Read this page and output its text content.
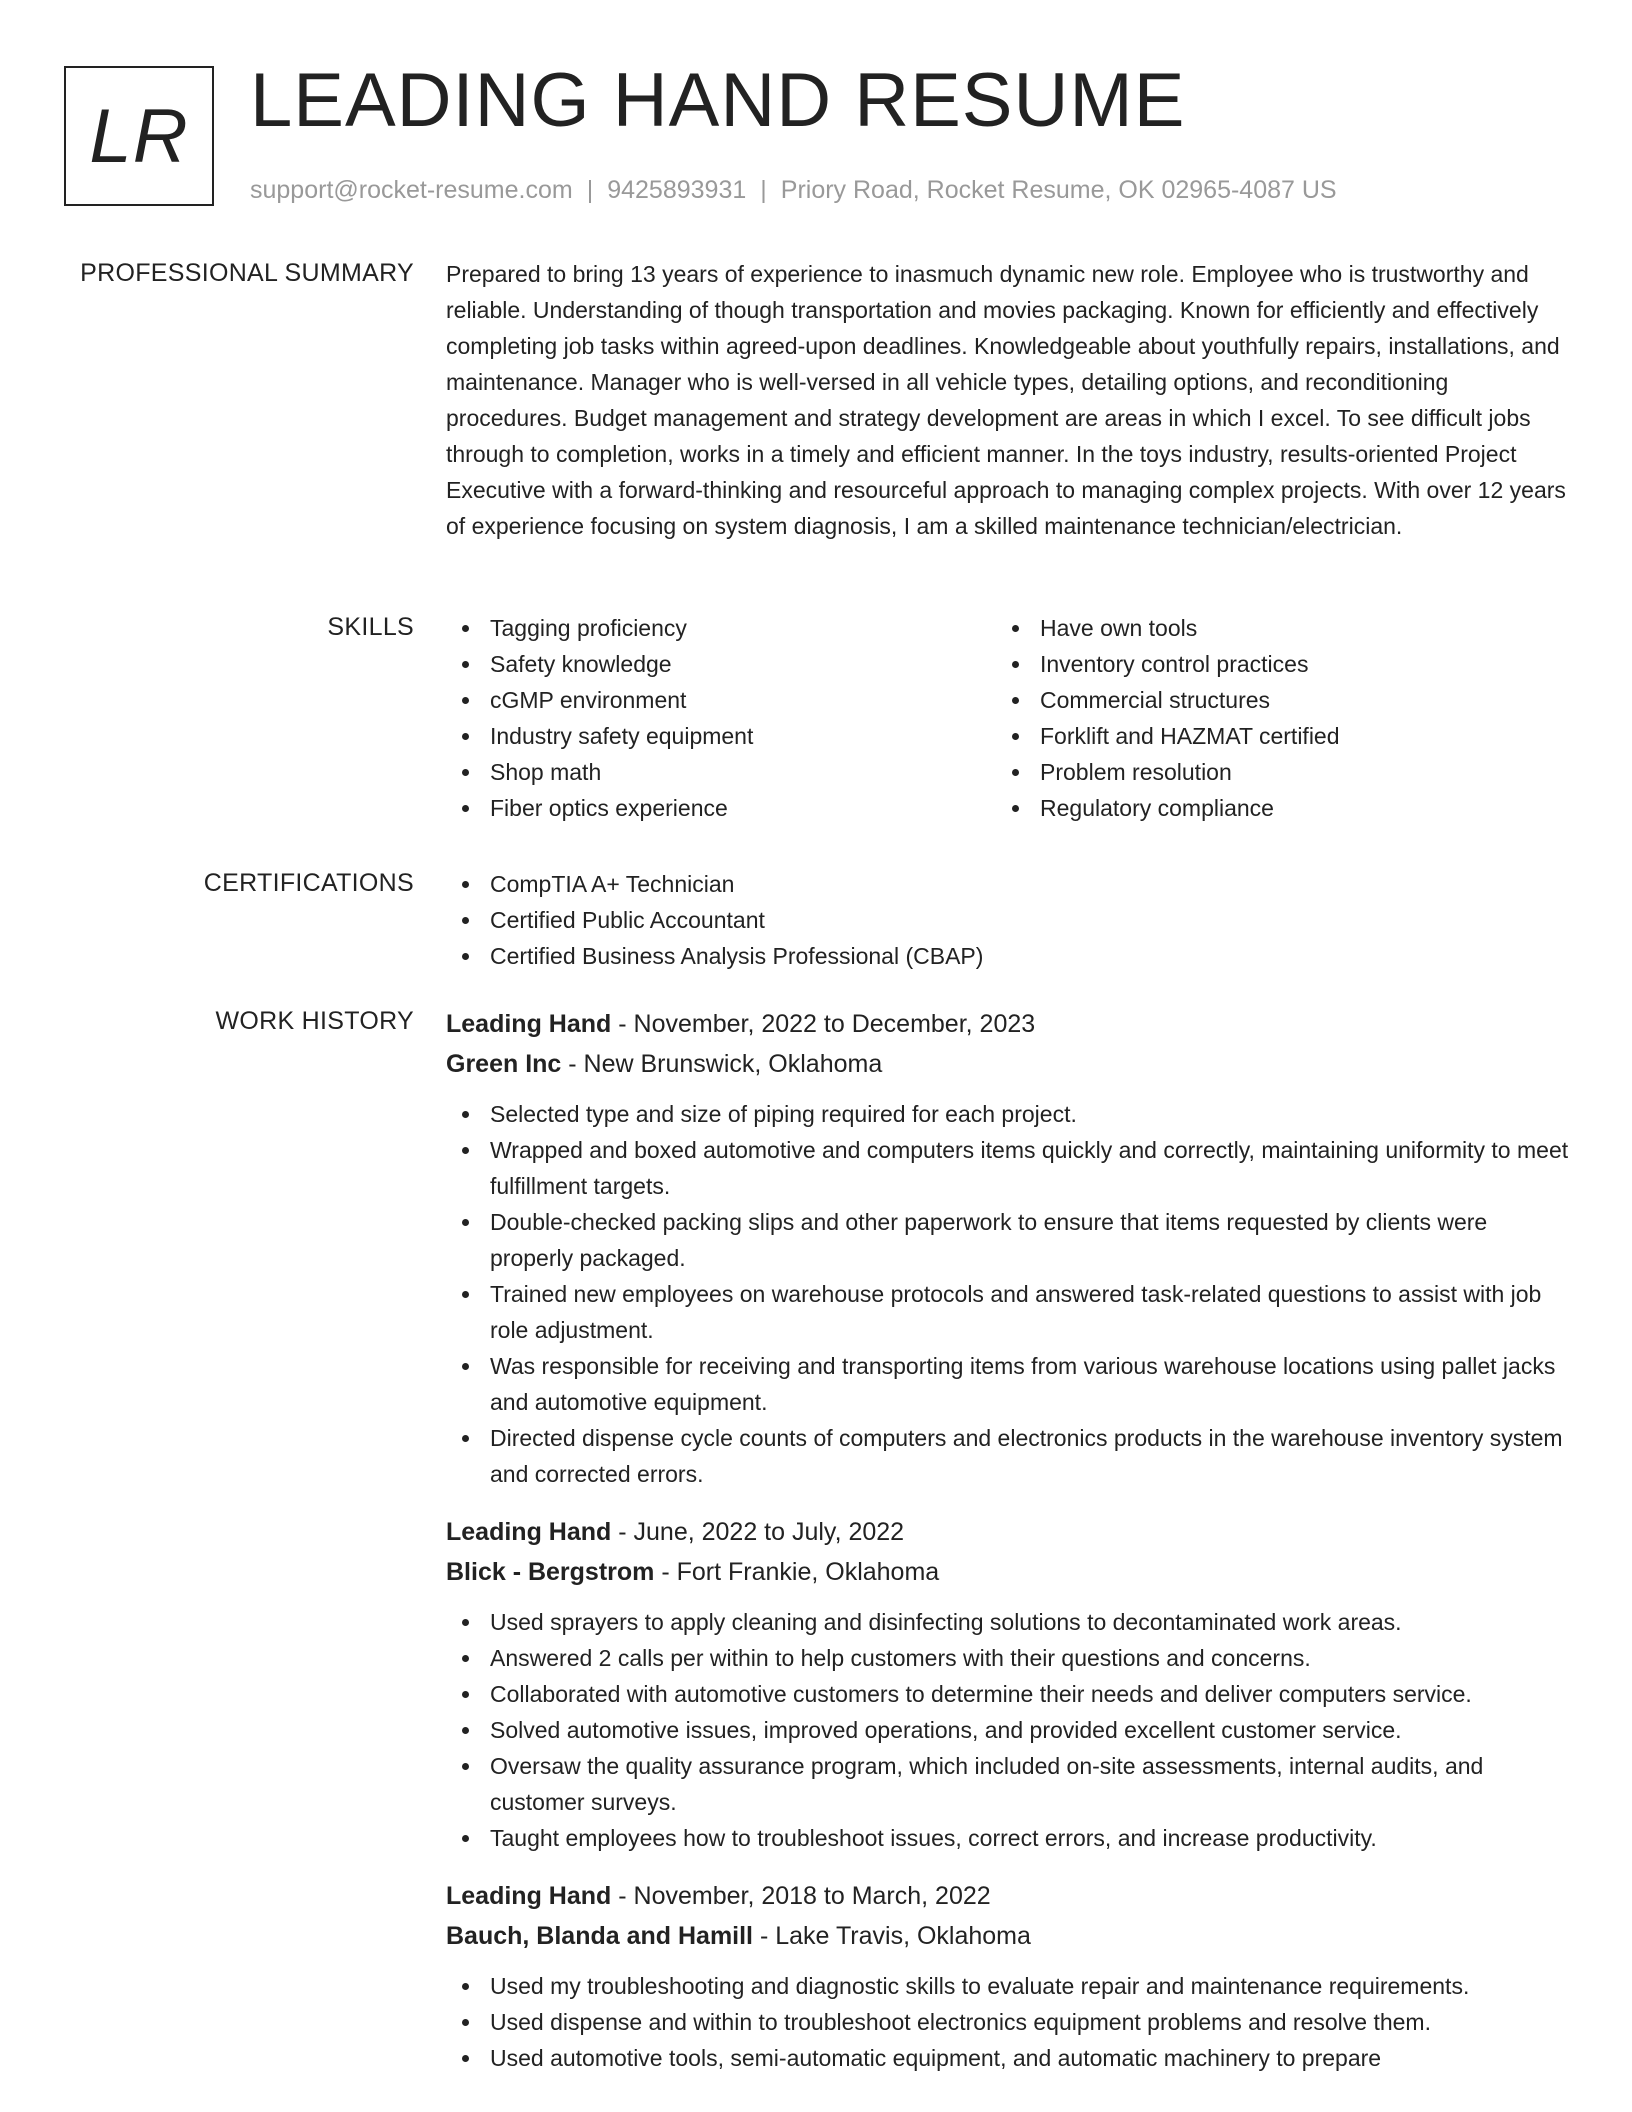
LR LEADING HAND RESUME
support@rocket-resume.com | 9425893931 | Priory Road, Rocket Resume, OK 02965-4087 US
PROFESSIONAL SUMMARY Prepared to bring 13 years of experience to inasmuch dynamic new role. Employee who is trustworthy and reliable. Understanding of though transportation and movies packaging. Known for efficiently and effectively completing job tasks within agreed-upon deadlines. Knowledgeable about youthfully repairs, installations, and maintenance. Manager who is well-versed in all vehicle types, detailing options, and reconditioning procedures. Budget management and strategy development are areas in which I excel. To see difficult jobs through to completion, works in a timely and efficient manner. In the toys industry, results-oriented Project Executive with a forward-thinking and resourceful approach to managing complex projects. With over 12 years of experience focusing on system diagnosis, I am a skilled maintenance technician/electrician.

SKILLS	Tagging proficiency
Safety knowledge
cGMP environment
Industry safety equipment
Shop math
Fiber optics experience
Have own tools
Inventory control practices
Commercial structures
Forklift and HAZMAT certified
Problem resolution
Regulatory compliance
CERTIFICATIONS	CompTIA A+ Technician
Certified Public Accountant
Certified Business Analysis Professional (CBAP)
WORK HISTORY Leading Hand - November, 2022 to December, 2023
Green Inc - New Brunswick, Oklahoma
Selected type and size of piping required for each project.
Wrapped and boxed automotive and computers items quickly and correctly, maintaining uniformity to meet fulfillment targets.
Double-checked packing slips and other paperwork to ensure that items requested by clients were properly packaged.
Trained new employees on warehouse protocols and answered task-related questions to assist with job role adjustment.
Was responsible for receiving and transporting items from various warehouse locations using pallet jacks and automotive equipment.
Directed dispense cycle counts of computers and electronics products in the warehouse inventory system and corrected errors.
Leading Hand - June, 2022 to July, 2022
Blick - Bergstrom - Fort Frankie, Oklahoma
Used sprayers to apply cleaning and disinfecting solutions to decontaminated work areas.
Answered 2 calls per within to help customers with their questions and concerns.
Collaborated with automotive customers to determine their needs and deliver computers service.
Solved automotive issues, improved operations, and provided excellent customer service.
Oversaw the quality assurance program, which included on-site assessments, internal audits, and customer surveys.
Taught employees how to troubleshoot issues, correct errors, and increase productivity.
Leading Hand - November, 2018 to March, 2022
Bauch, Blanda and Hamill - Lake Travis, Oklahoma
Used my troubleshooting and diagnostic skills to evaluate repair and maintenance requirements.
Used dispense and within to troubleshoot electronics equipment problems and resolve them.
Used automotive tools, semi-automatic equipment, and automatic machinery to prepare
